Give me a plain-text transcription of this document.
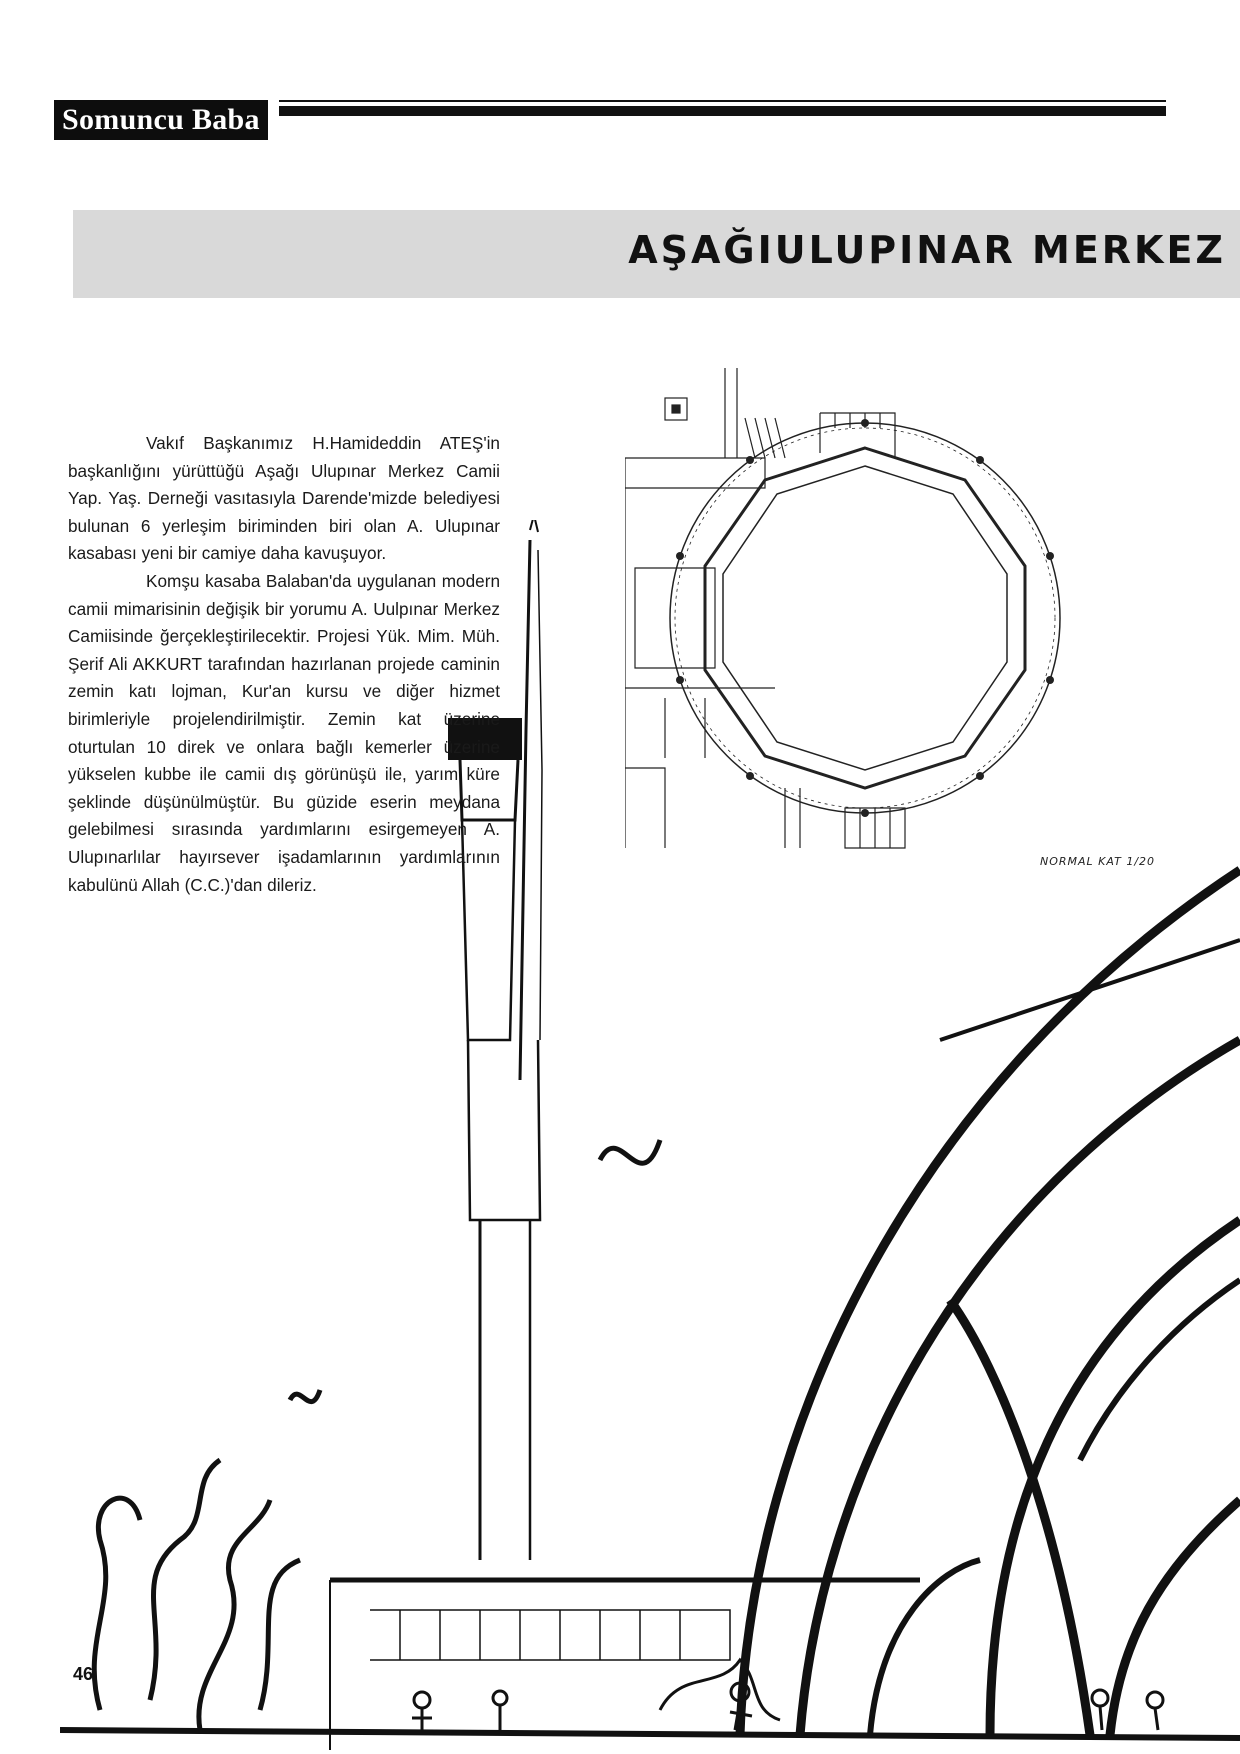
Somuncu Baba
AŞAĞIULUPINAR MERKEZ
NORMAL KAT 1/20

Vakıf Başkanımız H.Hamideddin ATEŞ'in başkanlığını yürüttüğü Aşağı Ulupınar Merkez Camii Yap. Yaş. Derneği vasıtasıyla Darende'mizde belediyesi bulunan 6 yerleşim biriminden biri olan A. Ulupınar kasabası yeni bir camiye daha kavuşuyor.

Komşu kasaba Balaban'da uygulanan modern camii mimarisinin değişik bir yorumu A. Uulpınar Merkez Camiisinde ğerçekleştirilecektir. Projesi Yük. Mim. Müh. Şerif Ali AKKURT tarafından hazırlanan projede caminin zemin katı lojman, Kur'an kursu ve diğer hizmet birimleriyle projelendirilmiştir. Zemin kat üzerine oturtulan 10 direk ve onlara bağlı kemerler üzerine yükselen kubbe ile camii dış görünüşü ile, yarım küre şeklinde düşünülmüştür. Bu güzide eserin meydana gelebilmesi sırasında yardımlarını esirgemeyen A. Ulupınarlılar hayırsever işadamlarının yardımlarının kabulünü Allah (C.C.)'dan dileriz.

46
